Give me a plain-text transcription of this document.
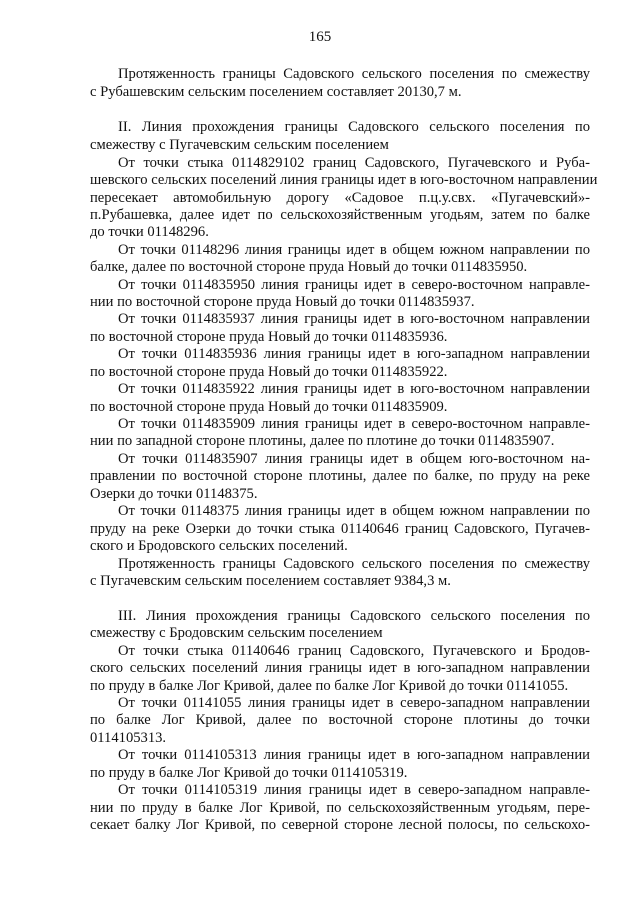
165
Протяженность границы Садовского сельского поселения по смежеству
с Рубашевским сельским поселением составляет 20130,7 м.
II. Линия прохождения границы Садовского сельского поселения по
смежеству с Пугачевским сельским поселением
От точки стыка 0114829102 границ Садовского, Пугачевского и Руба-
шевского сельских поселений линия границы идет в юго-восточном направлении
пересекает автомобильную дорогу «Садовое п.ц.у.свх. «Пугачевский»-
п.Рубашевка, далее идет по сельскохозяйственным угодьям, затем по балке
до точки 01148296.
От точки 01148296 линия границы идет в общем южном направлении по
балке, далее по восточной стороне пруда Новый до точки 0114835950.
От точки 0114835950 линия границы идет в северо-восточном направле-
нии по восточной стороне пруда Новый до точки 0114835937.
От точки 0114835937 линия границы идет в юго-восточном направлении
по восточной стороне пруда Новый до точки 0114835936.
От точки 0114835936 линия границы идет в юго-западном направлении
по восточной стороне пруда Новый до точки 0114835922.
От точки 0114835922 линия границы идет в юго-восточном направлении
по восточной стороне пруда Новый до точки 0114835909.
От точки 0114835909 линия границы идет в северо-восточном направле-
нии по западной стороне плотины, далее по плотине до точки 0114835907.
От точки 0114835907 линия границы идет в общем юго-восточном на-
правлении по восточной стороне плотины, далее по балке, по пруду на реке
Озерки до точки 01148375.
От точки 01148375 линия границы идет в общем южном направлении по
пруду на реке Озерки до точки стыка 01140646 границ Садовского, Пугачев-
ского и Бродовского сельских поселений.
Протяженность границы Садовского сельского поселения по смежеству
с Пугачевским сельским поселением составляет 9384,3 м.
III. Линия прохождения границы Садовского сельского поселения по
смежеству с Бродовским сельским поселением
От точки стыка 01140646 границ Садовского, Пугачевского и Бродов-
ского сельских поселений линия границы идет в юго-западном направлении
по пруду в балке Лог Кривой, далее по балке Лог Кривой до точки 01141055.
От точки 01141055 линия границы идет в северо-западном направлении
по балке Лог Кривой, далее по восточной стороне плотины до точки
0114105313.
От точки 0114105313 линия границы идет в юго-западном направлении
по пруду в балке Лог Кривой до точки 0114105319.
От точки 0114105319 линия границы идет в северо-западном направле-
нии по пруду в балке Лог Кривой, по сельскохозяйственным угодьям, пере-
секает балку Лог Кривой, по северной стороне лесной полосы, по сельскохо-
